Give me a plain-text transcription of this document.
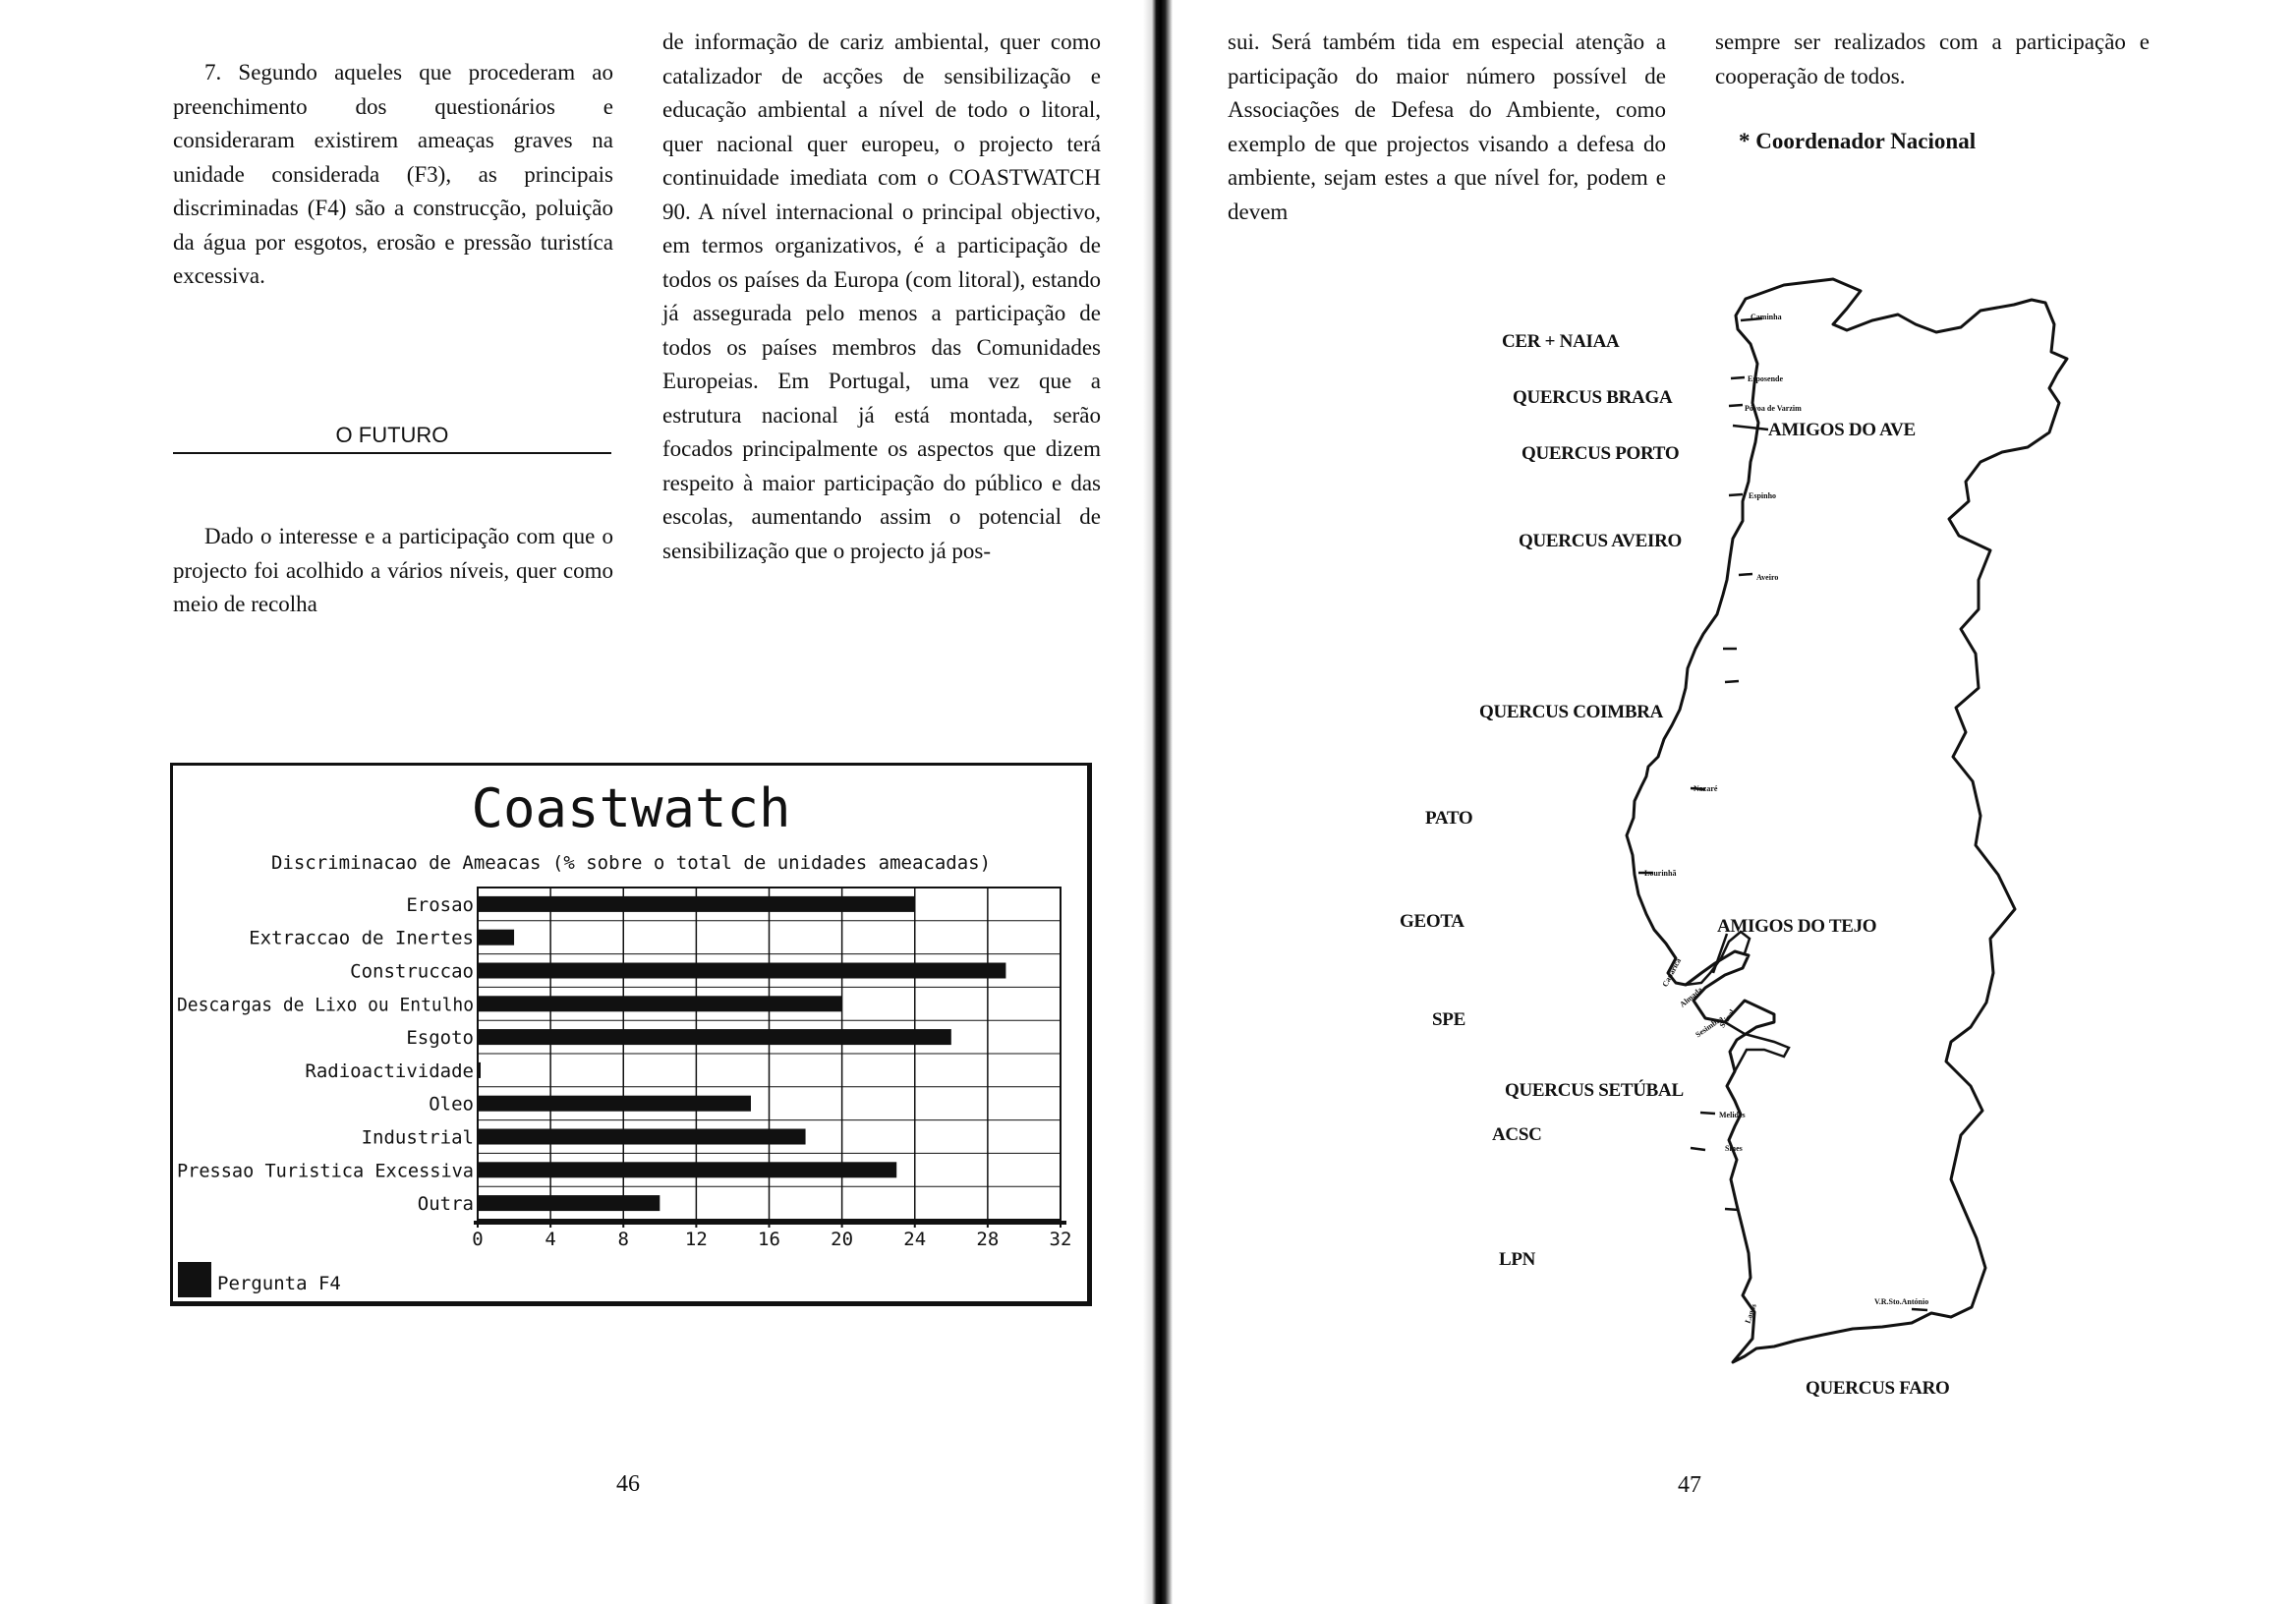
7. Segundo aqueles que procederam ao preenchimento dos questionários e consideraram existirem ameaças graves na unidade considerada (F3), as principais discriminadas (F4) são a construcção, poluição da água por esgotos, erosão e pressão turistíca excessiva.

O FUTURO

Dado o interesse e a participação com que o projecto foi acolhido a vários níveis, quer como meio de recolha

de informação de cariz ambiental, quer como catalizador de acções de sensibilização e educação ambiental a nível de todo o litoral, quer nacional quer europeu, o projecto terá continuidade imediata com o COASTWATCH 90. A nível internacional o principal objectivo, em termos organizativos, é a participação de todos os países da Europa (com litoral), estando já assegurada pelo menos a participação de todos os países membros das Comunidades Europeias. Em Portugal, uma vez que a estrutura nacional já está montada, serão focados principalmente os aspectos que dizem respeito à maior participação do público e das escolas, aumentando assim o potencial de sensibilização que o projecto já pos-

Coastwatch
Discriminacao de Ameacas (% sobre o total de unidades ameacadas)
0	4	8	12	16	20	24	28	32
Erosao
Extraccao de Inertes
Construccao
Descargas de Lixo ou Entulho
Esgoto
Radioactividade
Oleo
Industrial
Pressao Turistica Excessiva
Outra
Pergunta F4
46

sui. Será também tida em especial atenção a participação do maior número possível de Associações de Defesa do Ambiente, como exemplo de que projectos visando a defesa do ambiente, sejam estes a que nível for, podem e devem

sempre ser realizados com a participação e cooperação de todos.

* Coordenador Nacional

CER + NAIAA
QUERCUS BRAGA
QUERCUS PORTO
QUERCUS AVEIRO
QUERCUS COIMBRA
PATO
GEOTA
SPE
QUERCUS SETÚBAL
ACSC
LPN
AMIGOS DO AVE
AMIGOS DO TEJO
QUERCUS FARO
Caminha
Esposende
Póvoa de Varzim
Espinho
Aveiro
Nazaré
Lourinhã
Caparica
Almada
Seixal
Sesimbra
Melides
Sines
Lagos
V.R.Sto.António
47
